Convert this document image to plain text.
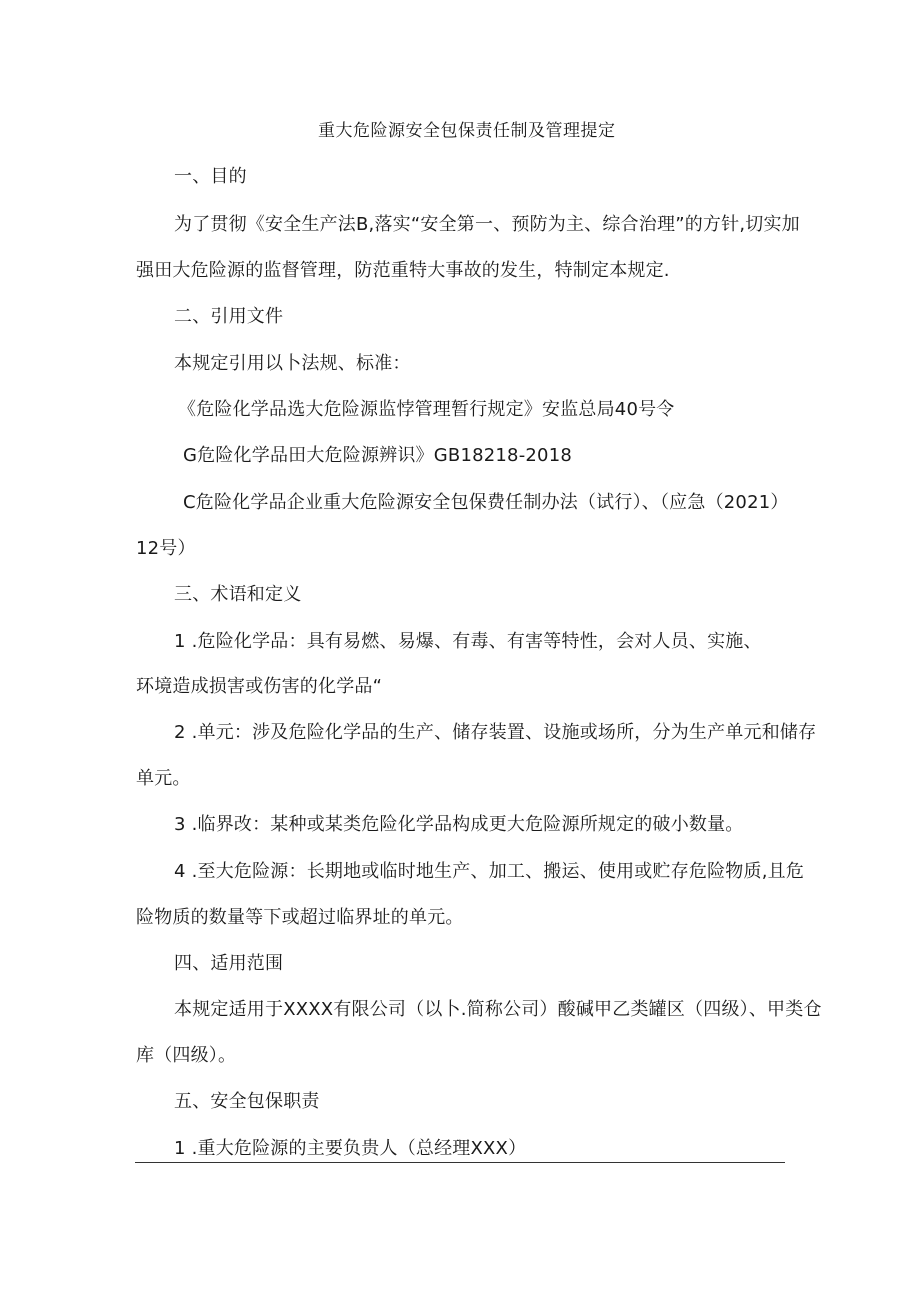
重大危险源安全包保责任制及管理提定
一、目的
为了贯彻《安全生产法B,落实“安全第一、预防为主、综合治理”的方针,切实加
强田大危险源的监督管理，防范重特大事故的发生，特制定本规定.
二、引用文件
本规定引用以卜法规、标准：
《危险化学品选大危险源监悖管理暂行规定》安监总局40号令
G危险化学品田大危险源辨识》GB18218-2018
C危险化学品企业重大危险源安全包保费任制办法（试行）、（应急（2021）
12号）
三、术语和定义
1 .危险化学品：具有易燃、易爆、有毒、有害等特性，会对人员、实施、
环境造成损害或伤害的化学品“
2 .单元：涉及危险化学品的生产、储存装置、设施或场所，分为生产单元和储存
单元。
3 .临界改：某种或某类危险化学品构成更大危险源所规定的破小数量。
4 .至大危险源：长期地或临时地生产、加工、搬运、使用或贮存危险物质,且危
险物质的数量等下或超过临界址的单元。
四、适用范围
本规定适用于XXXX有限公司（以卜.简称公司）酸碱甲乙类罐区（四级）、甲类仓
库（四级）。
五、安全包保职责
1 .重大危险源的主要负贵人（总经理XXX）
